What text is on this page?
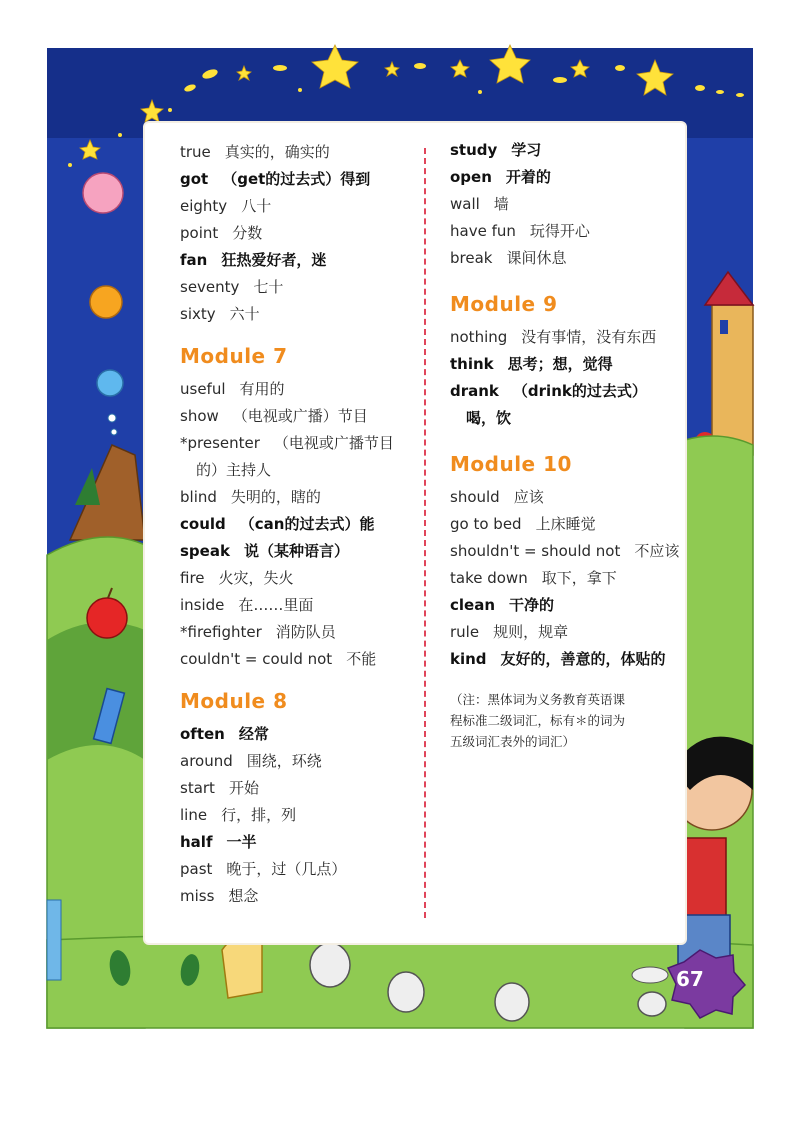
true 真实的，确实的
got （get的过去式）得到
eighty 八十
point 分数
fan 狂热爱好者，迷
seventy 七十
sixty 六十
Module 7
useful 有用的
show （电视或广播）节目
*presenter （电视或广播节目
的）主持人
blind 失明的，瞎的
could （can的过去式）能
speak 说（某种语言）
fire 火灾，失火
inside 在……里面
*firefighter 消防队员
couldn't = could not 不能
Module 8
often 经常
around 围绕，环绕
start 开始
line 行，排，列
half 一半
past 晚于，过（几点）
miss 想念
study 学习
open 开着的
wall 墙
have fun 玩得开心
break 课间休息
Module 9
nothing 没有事情，没有东西
think 思考；想，觉得
drank （drink的过去式）
喝，饮
Module 10
should 应该
go to bed 上床睡觉
shouldn't = should not 不应该
take down 取下，拿下
clean 干净的
rule 规则，规章
kind 友好的，善意的，体贴的
（注：黑体词为义务教育英语课
程标准二级词汇，标有＊的词为
五级词汇表外的词汇）
67
